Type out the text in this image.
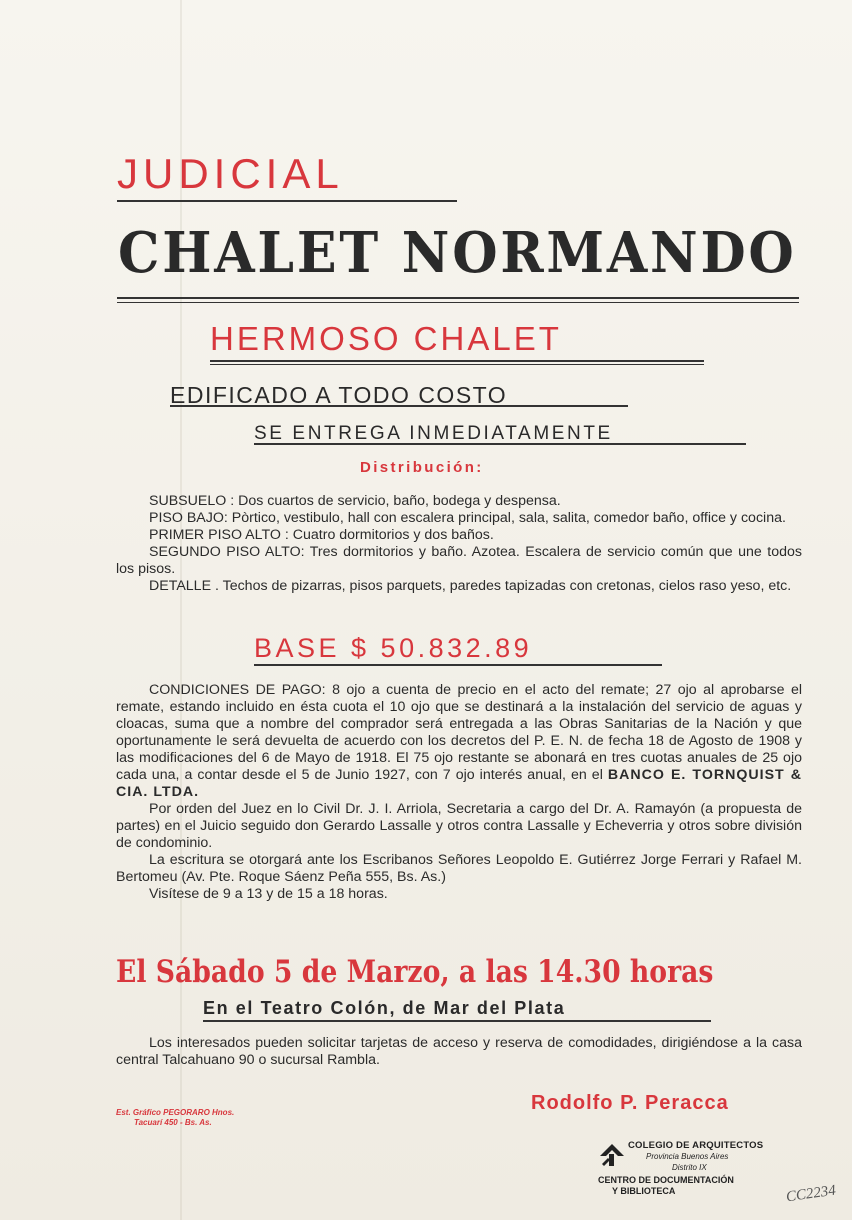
JUDICIAL
CHALET NORMANDO
HERMOSO CHALET
EDIFICADO A TODO COSTO
SE ENTREGA INMEDIATAMENTE
Distribución:

SUBSUELO : Dos cuartos de servicio, baño, bodega y despensa.

PISO BAJO: Pòrtico, vestibulo, hall con escalera principal, sala, salita, comedor baño, office y cocina.

PRIMER PISO ALTO : Cuatro dormitorios y dos baños.

SEGUNDO PISO ALTO: Tres dormitorios y baño. Azotea. Escalera de servicio común que une todos los pisos.

DETALLE . Techos de pizarras, pisos parquets, paredes tapizadas con cretonas, cielos raso yeso, etc.

BASE $ 50.832.89

CONDICIONES DE PAGO: 8 ojo a cuenta de precio en el acto del remate; 27 ojo al aprobarse el remate, estando incluido en ésta cuota el 10 ojo que se destinará a la instalación del servicio de aguas y cloacas, suma que a nombre del comprador será entregada a las Obras Sanitarias de la Nación y que oportunamente le será devuelta de acuerdo con los decretos del P. E. N. de fecha 18 de Agosto de 1908 y las modificaciones del 6 de Mayo de 1918. El 75 ojo restante se abonará en tres cuotas anuales de 25 ojo cada una, a contar desde el 5 de Junio 1927, con 7 ojo interés anual, en el BANCO E. TORNQUIST & CIA. LTDA.

Por orden del Juez en lo Civil Dr. J. I. Arriola, Secretaria a cargo del Dr. A. Ramayón (a propuesta de partes) en el Juicio seguido don Gerardo Lassalle y otros contra Lassalle y Echeverria y otros sobre división de condominio.

La escritura se otorgará ante los Escribanos Señores Leopoldo E. Gutiérrez Jorge Ferrari y Rafael M. Bertomeu (Av. Pte. Roque Sáenz Peña 555, Bs. As.)

Visítese de 9 a 13 y de 15 a 18 horas.

El Sábado 5 de Marzo, a las 14.30 horas
En el Teatro Colón, de Mar del Plata

Los interesados pueden solicitar tarjetas de acceso y reserva de comodidades, dirigiéndose a la casa central Talcahuano 90 o sucursal Rambla.

Est. Gráfico PEGORARO Hnos.
Tacuarí 450 - Bs. As.
Rodolfo P. Peracca
COLEGIO DE ARQUITECTOS
Provincia Buenos Aires
Distrito IX
CENTRO DE DOCUMENTACIÓN
Y BIBLIOTECA	CC2234
